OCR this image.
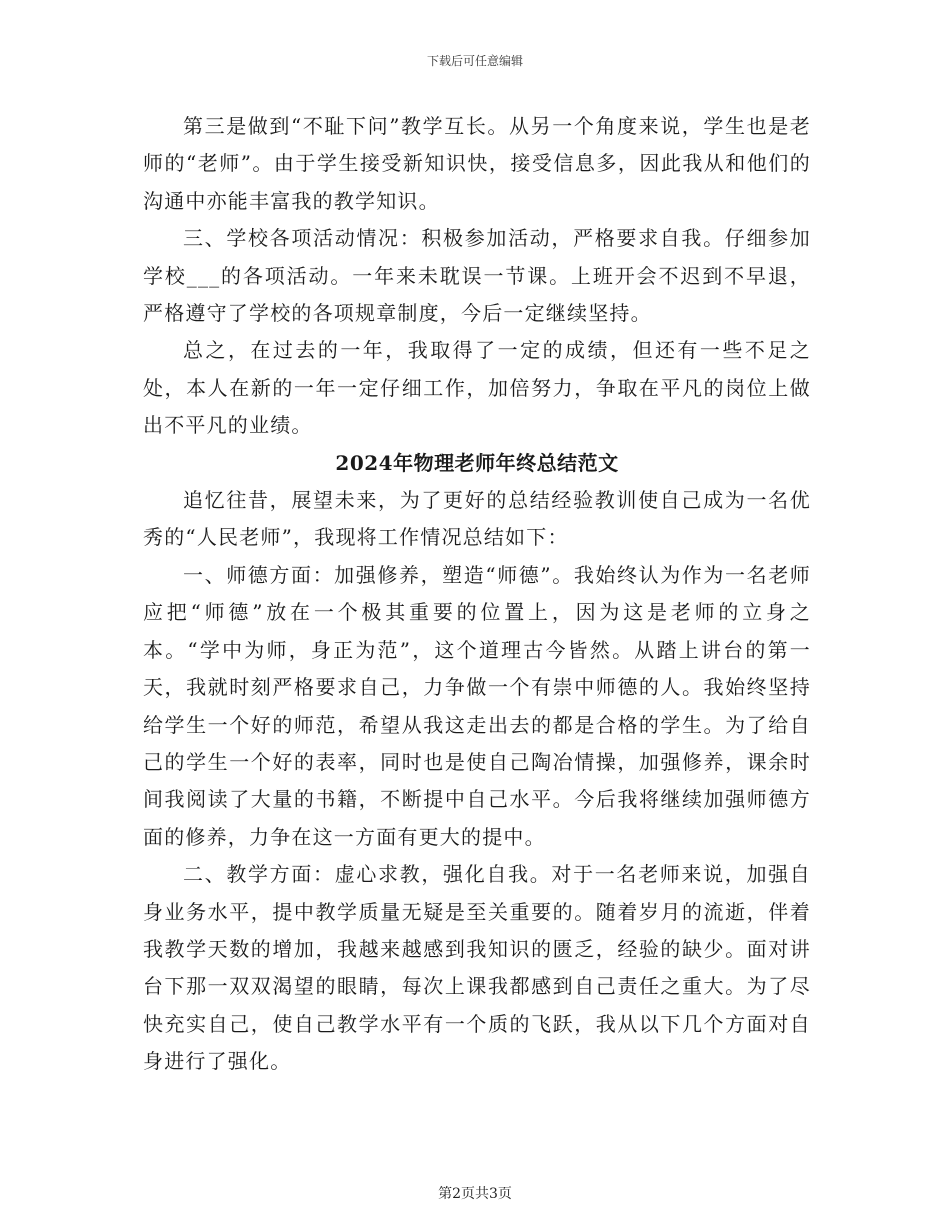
下载后可任意编辑

第三是做到“不耻下问”教学互长。从另一个角度来说，学生也是老师的“老师”。由于学生接受新知识快，接受信息多，因此我从和他们的沟通中亦能丰富我的教学知识。

三、学校各项活动情况：积极参加活动，严格要求自我。仔细参加学校___的各项活动。一年来未耽误一节课。上班开会不迟到不早退，严格遵守了学校的各项规章制度，今后一定继续坚持。

总之，在过去的一年，我取得了一定的成绩，但还有一些不足之处，本人在新的一年一定仔细工作，加倍努力，争取在平凡的岗位上做出不平凡的业绩。

2024年物理老师年终总结范文

追忆往昔，展望未来，为了更好的总结经验教训使自己成为一名优秀的“人民老师”，我现将工作情况总结如下：

一、师德方面：加强修养，塑造“师德”。我始终认为作为一名老师应把“师德”放在一个极其重要的位置上，因为这是老师的立身之本。“学中为师，身正为范”，这个道理古今皆然。从踏上讲台的第一天，我就时刻严格要求自己，力争做一个有崇中师德的人。我始终坚持给学生一个好的师范，希望从我这走出去的都是合格的学生。为了给自己的学生一个好的表率，同时也是使自己陶冶情操，加强修养，课余时间我阅读了大量的书籍，不断提中自己水平。今后我将继续加强师德方面的修养，力争在这一方面有更大的提中。

二、教学方面：虚心求教，强化自我。对于一名老师来说，加强自身业务水平，提中教学质量无疑是至关重要的。随着岁月的流逝，伴着我教学天数的增加，我越来越感到我知识的匮乏，经验的缺少。面对讲台下那一双双渴望的眼睛，每次上课我都感到自己责任之重大。为了尽快充实自己，使自己教学水平有一个质的飞跃，我从以下几个方面对自身进行了强化。

第2页共3页
